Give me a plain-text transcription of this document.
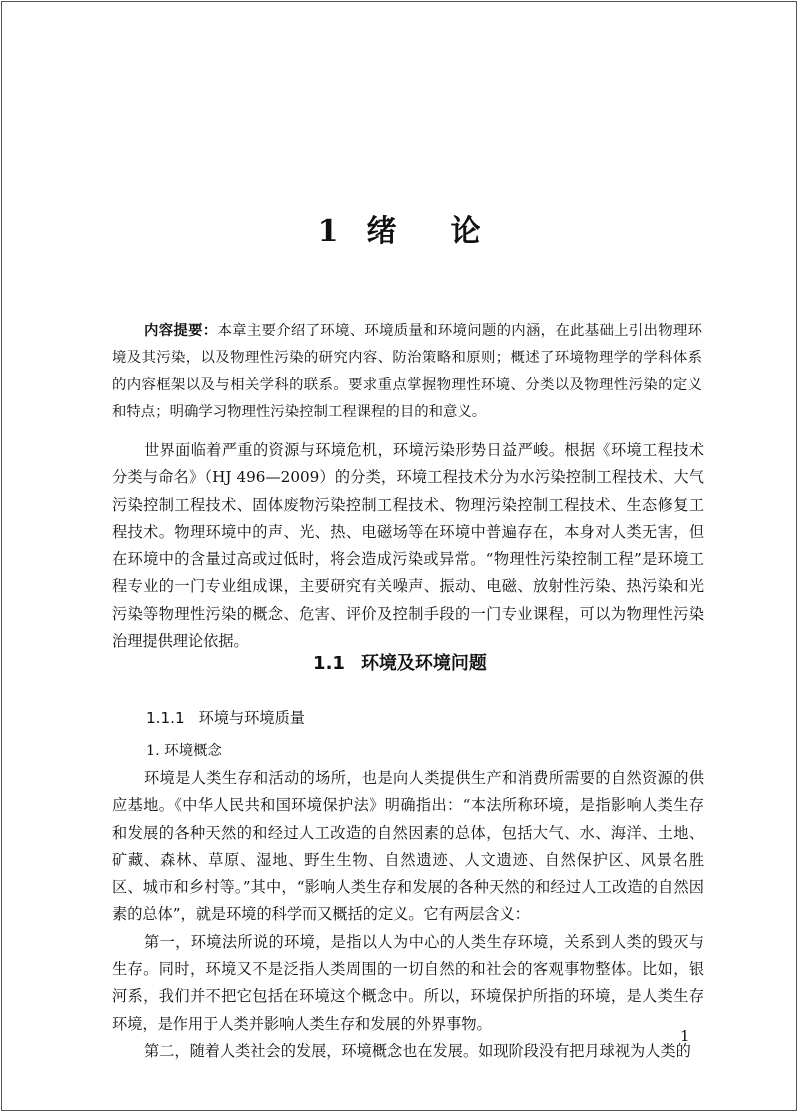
1 绪 论
内容提要：本章主要介绍了环境、环境质量和环境问题的内涵，在此基础上引出物理环境及其污染，以及物理性污染的研究内容、防治策略和原则；概述了环境物理学的学科体系的内容框架以及与相关学科的联系。要求重点掌握物理性环境、分类以及物理性污染的定义和特点；明确学习物理性污染控制工程课程的目的和意义。
世界面临着严重的资源与环境危机，环境污染形势日益严峻。根据《环境工程技术分类与命名》（HJ 496—2009）的分类，环境工程技术分为水污染控制工程技术、大气污染控制工程技术、固体废物污染控制工程技术、物理污染控制工程技术、生态修复工程技术。物理环境中的声、光、热、电磁场等在环境中普遍存在，本身对人类无害，但在环境中的含量过高或过低时，将会造成污染或异常。“物理性污染控制工程”是环境工程专业的一门专业组成课，主要研究有关噪声、振动、电磁、放射性污染、热污染和光污染等物理性污染的概念、危害、评价及控制手段的一门专业课程，可以为物理性污染治理提供理论依据。
1.1 环境及环境问题
1.1.1 环境与环境质量
1. 环境概念

环境是人类生存和活动的场所，也是向人类提供生产和消费所需要的自然资源的供应基地。《中华人民共和国环境保护法》明确指出：“本法所称环境，是指影响人类生存和发展的各种天然的和经过人工改造的自然因素的总体，包括大气、水、海洋、土地、矿藏、森林、草原、湿地、野生生物、自然遗迹、人文遗迹、自然保护区、风景名胜区、城市和乡村等。”其中，“影响人类生存和发展的各种天然的和经过人工改造的自然因素的总体”，就是环境的科学而又概括的定义。它有两层含义：

第一，环境法所说的环境，是指以人为中心的人类生存环境，关系到人类的毁灭与生存。同时，环境又不是泛指人类周围的一切自然的和社会的客观事物整体。比如，银河系，我们并不把它包括在环境这个概念中。所以，环境保护所指的环境，是人类生存环境，是作用于人类并影响人类生存和发展的外界事物。

第二，随着人类社会的发展，环境概念也在发展。如现阶段没有把月球视为人类的

1
